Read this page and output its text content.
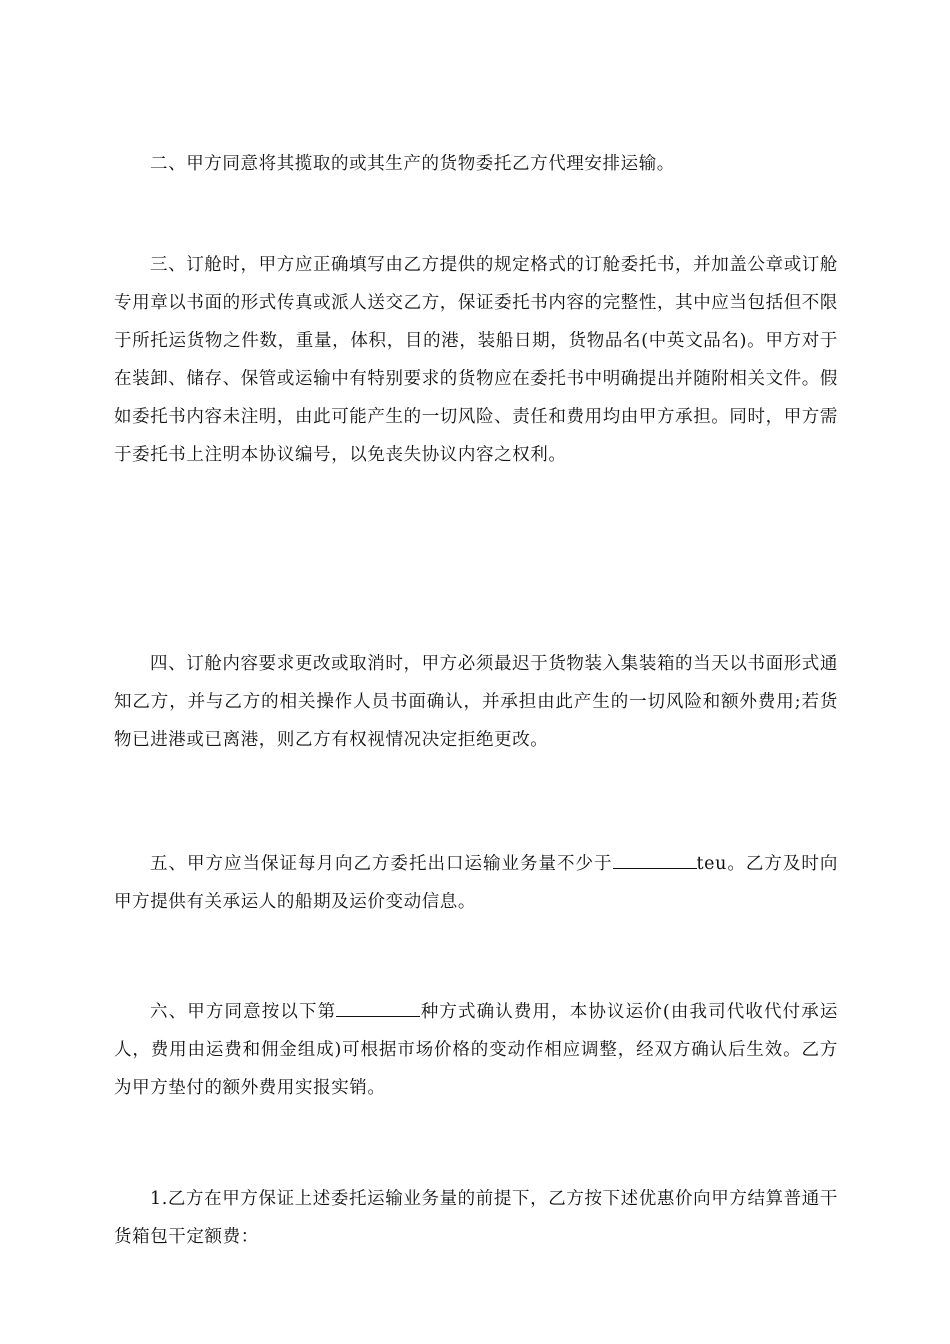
二、甲方同意将其揽取的或其生产的货物委托乙方代理安排运输。

三、订舱时，甲方应正确填写由乙方提供的规定格式的订舱委托书，并加盖公章或订舱专用章以书面的形式传真或派人送交乙方，保证委托书内容的完整性，其中应当包括但不限于所托运货物之件数，重量，体积，目的港，装船日期，货物品名(中英文品名)。甲方对于在装卸、储存、保管或运输中有特别要求的货物应在委托书中明确提出并随附相关文件。假如委托书内容未注明，由此可能产生的一切风险、责任和费用均由甲方承担。同时，甲方需于委托书上注明本协议编号，以免丧失协议内容之权利。

四、订舱内容要求更改或取消时，甲方必须最迟于货物装入集装箱的当天以书面形式通知乙方，并与乙方的相关操作人员书面确认，并承担由此产生的一切风险和额外费用;若货物已进港或已离港，则乙方有权视情况决定拒绝更改。

五、甲方应当保证每月向乙方委托出口运输业务量不少于	teu。乙方及时向甲方提供有关承运人的船期及运价变动信息。

六、甲方同意按以下第	种方式确认费用，本协议运价(由我司代收代付承运人，费用由运费和佣金组成)可根据市场价格的变动作相应调整，经双方确认后生效。乙方为甲方垫付的额外费用实报实销。

1.乙方在甲方保证上述委托运输业务量的前提下，乙方按下述优惠价向甲方结算普通干货箱包干定额费：
